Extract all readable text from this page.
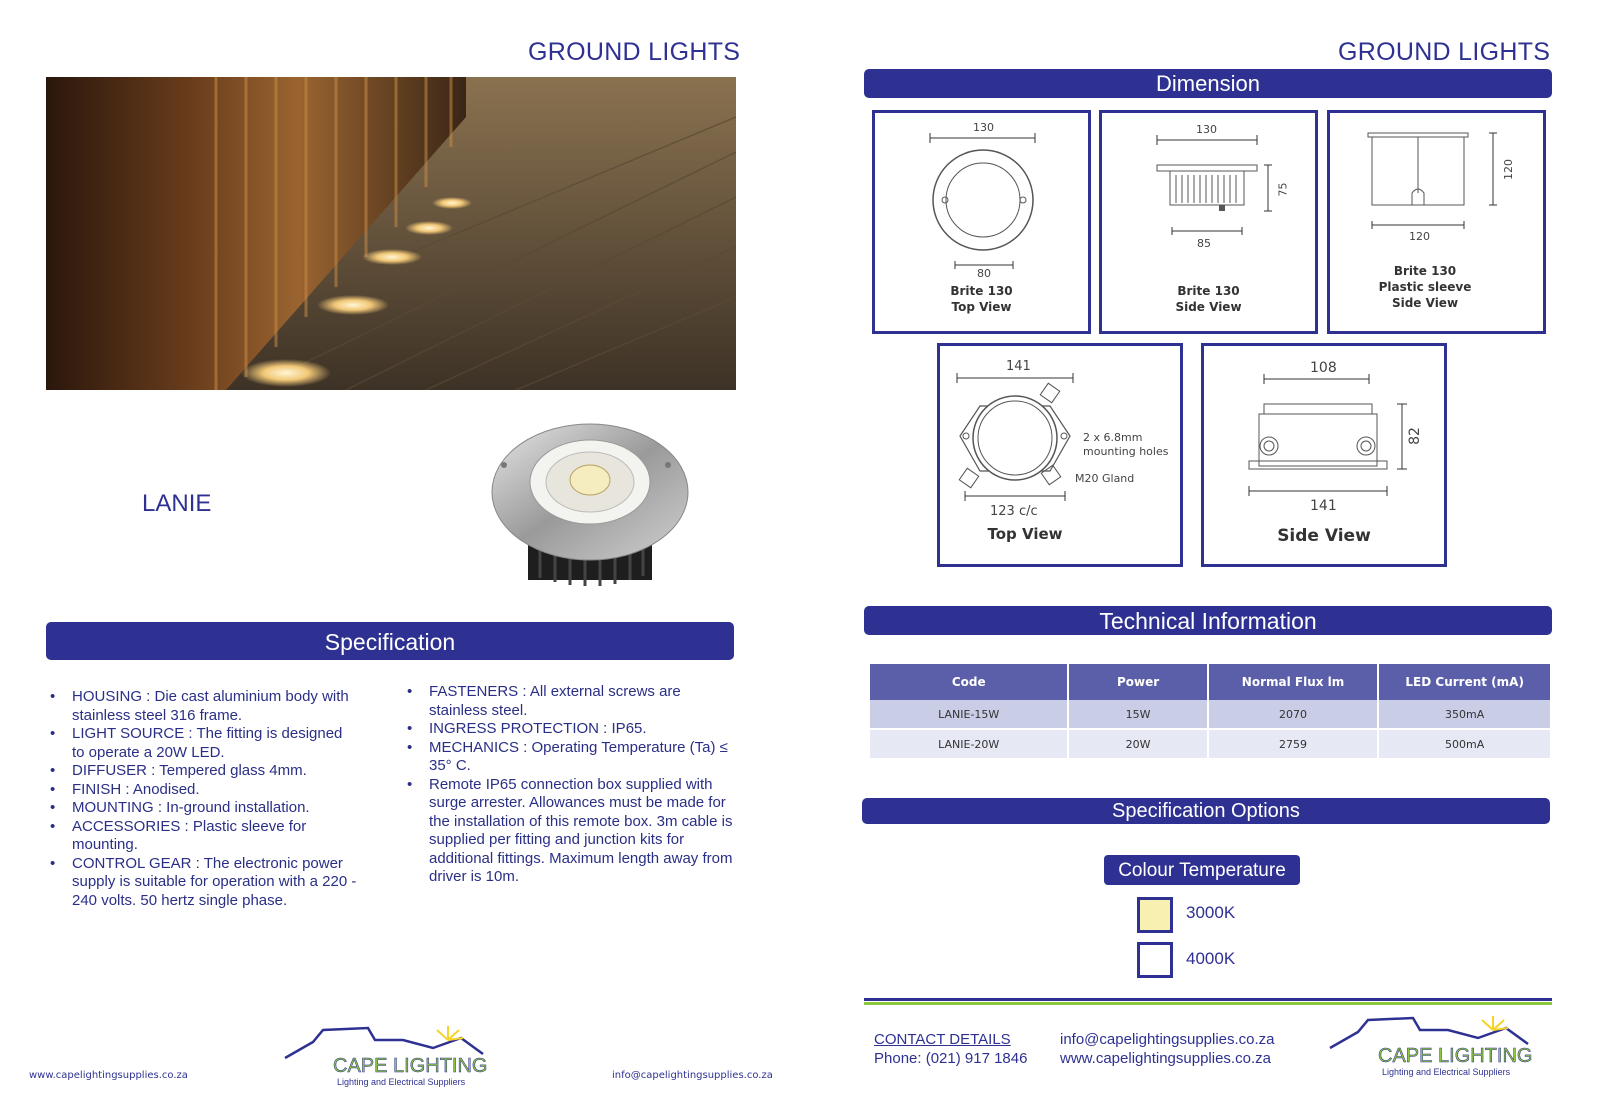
GROUND LIGHTS
LANIE
Specification
• HOUSING : Die cast aluminium body with stainless steel 316 frame.
• LIGHT SOURCE : The fitting is designed to operate a 20W LED.
• DIFFUSER : Tempered glass 4mm.
• FINISH : Anodised.
• MOUNTING : In-ground installation.
• ACCESSORIES : Plastic sleeve for mounting.
• CONTROL GEAR : The electronic power supply is suitable for operation with a 220 - 240 volts. 50 hertz single phase.
• FASTENERS : All external screws are stainless steel.
• INGRESS PROTECTION : IP65.
• MECHANICS : Operating Temperature (Ta) ≤ 35° C.
• Remote IP65 connection box supplied with surge arrester. Allowances must be made for the installation of this remote box. 3m cable is supplied per fitting and junction kits for additional fittings. Maximum length away from driver is 10m.
www.capelightingsupplies.co.za	info@capelightingsupplies.co.za
CAPE LIGHTING
Lighting and Electrical Suppliers
GROUND LIGHTS
Dimension
130
80
Brite 130
Top View
130
75
85
Brite 130
Side View
120
120
Brite 130
Plastic sleeve
Side View
141
2 x 6.8mm
mounting holes
M20 Gland
123 c/c
Top View
108
82
141
Side View
Technical Information
Code	Power	Normal Flux lm	LED Current (mA)
LANIE-15W	15W	2070	350mA
LANIE-20W	20W	2759	500mA
Specification Options
Colour Temperature
3000K
4000K
CONTACT DETAILS
Phone: (021) 917 1846
info@capelightingsupplies.co.za
www.capelightingsupplies.co.za	CAPE LIGHTING
Lighting and Electrical Suppliers
